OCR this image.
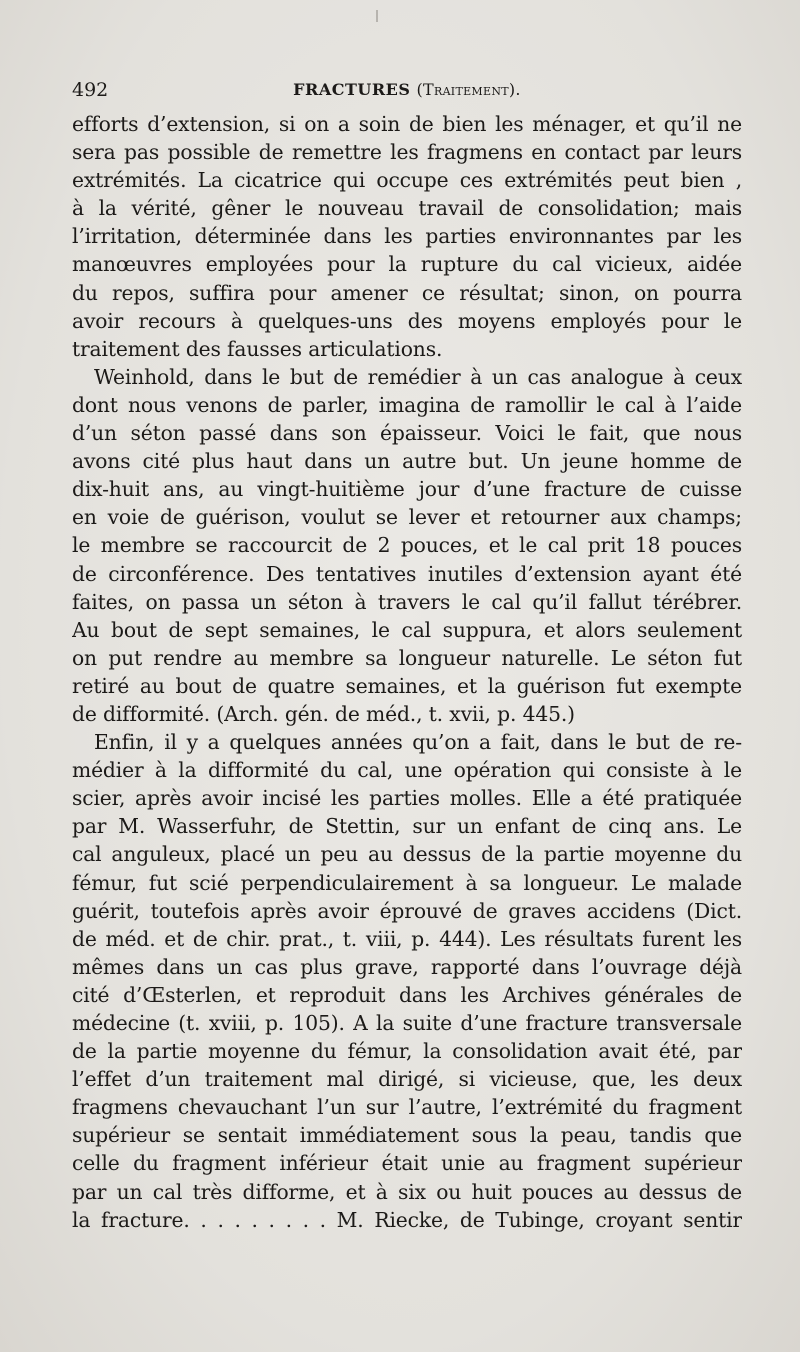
492	FRACTURES (Traitement).
efforts d’extension, si on a soin de bien les ménager, et qu’il ne
sera pas possible de remettre les fragmens en contact par leurs
extrémités. La cicatrice qui occupe ces extrémités peut bien ,
à la vérité, gêner le nouveau travail de consolidation; mais
l’irritation, déterminée dans les parties environnantes par les
manœuvres employées pour la rupture du cal vicieux, aidée
du repos, suffira pour amener ce résultat; sinon, on pourra
avoir recours à quelques-uns des moyens employés pour le
traitement des fausses articulations.
Weinhold, dans le but de remédier à un cas analogue à ceux
dont nous venons de parler, imagina de ramollir le cal à l’aide
d’un séton passé dans son épaisseur. Voici le fait, que nous
avons cité plus haut dans un autre but. Un jeune homme de
dix-huit ans, au vingt-huitième jour d’une fracture de cuisse
en voie de guérison, voulut se lever et retourner aux champs;
le membre se raccourcit de 2 pouces, et le cal prit 18 pouces
de circonférence. Des tentatives inutiles d’extension ayant été
faites, on passa un séton à travers le cal qu’il fallut térébrer.
Au bout de sept semaines, le cal suppura, et alors seulement
on put rendre au membre sa longueur naturelle. Le séton fut
retiré au bout de quatre semaines, et la guérison fut exempte
de difformité. (Arch. gén. de méd., t. xvii, p. 445.)
Enfin, il y a quelques années qu’on a fait, dans le but de re-
médier à la difformité du cal, une opération qui consiste à le
scier, après avoir incisé les parties molles. Elle a été pratiquée
par M. Wasserfuhr, de Stettin, sur un enfant de cinq ans. Le
cal anguleux, placé un peu au dessus de la partie moyenne du
fémur, fut scié perpendiculairement à sa longueur. Le malade
guérit, toutefois après avoir éprouvé de graves accidens (Dict.
de méd. et de chir. prat., t. viii, p. 444). Les résultats furent les
mêmes dans un cas plus grave, rapporté dans l’ouvrage déjà
cité d’Œsterlen, et reproduit dans les Archives générales de
médecine (t. xviii, p. 105). A la suite d’une fracture transversale
de la partie moyenne du fémur, la consolidation avait été, par
l’effet d’un traitement mal dirigé, si vicieuse, que, les deux
fragmens chevauchant l’un sur l’autre, l’extrémité du fragment
supérieur se sentait immédiatement sous la peau, tandis que
celle du fragment inférieur était unie au fragment supérieur
par un cal très difforme, et à six ou huit pouces au dessus de
la fracture. . . . . . . . . M. Riecke, de Tubinge, croyant sentir
